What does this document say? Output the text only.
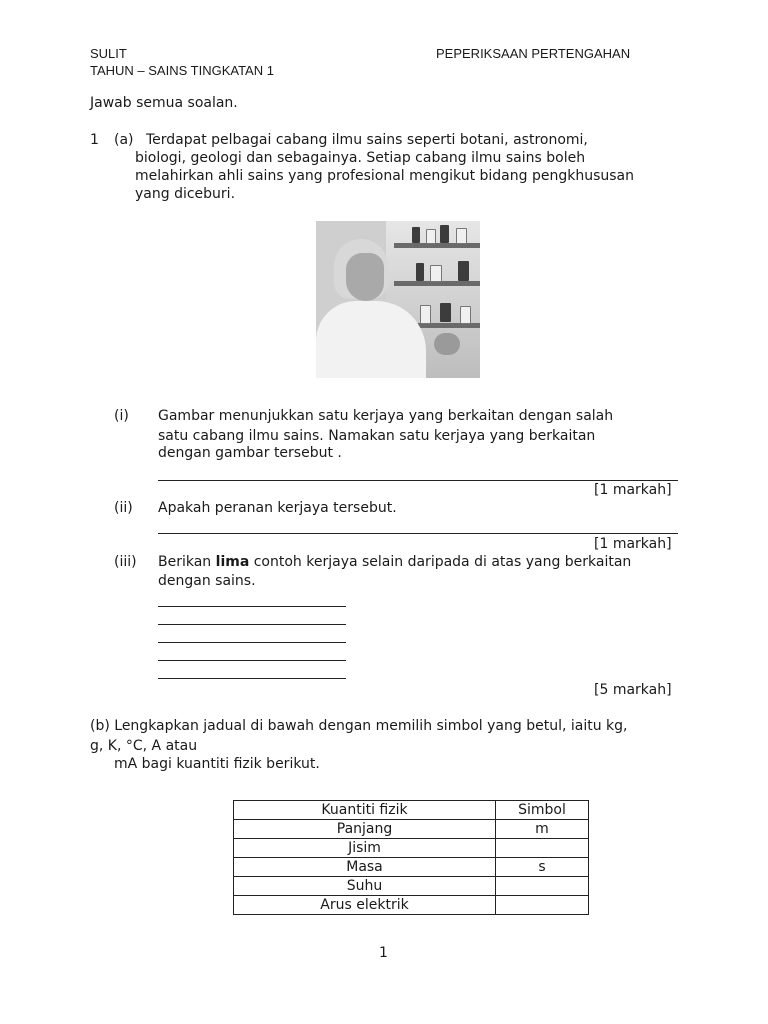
SULIT	PEPERIKSAAN PERTENGAHAN
TAHUN – SAINS TINGKATAN 1
Jawab semua soalan.
1 (a) Terdapat pelbagai cabang ilmu sains seperti botani, astronomi,
biologi, geologi dan sebagainya. Setiap cabang ilmu sains boleh
melahirkan ahli sains yang profesional mengikut bidang pengkhususan
yang diceburi.
(i) Gambar menunjukkan satu kerjaya yang berkaitan dengan salah
satu cabang ilmu sains. Namakan satu kerjaya yang berkaitan
dengan gambar tersebut .
[1 markah]
(ii) Apakah peranan kerjaya tersebut.
[1 markah]
(iii) Berikan lima contoh kerjaya selain daripada di atas yang berkaitan
dengan sains.
[5 markah]
(b) Lengkapkan jadual di bawah dengan memilih simbol yang betul, iaitu kg,
g, K, °C, A atau
mA bagi kuantiti fizik berikut.
Kuantiti fizik	Simbol
Panjang	m
Jisim	
Masa	s
Suhu	
Arus elektrik	
1
